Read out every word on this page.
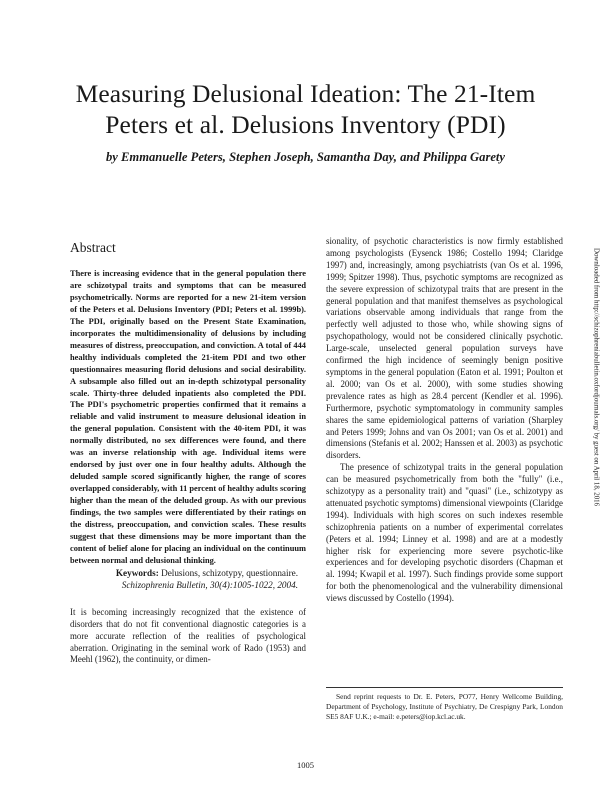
Measuring Delusional Ideation: The 21-Item
Peters et al. Delusions Inventory (PDI)
by Emmanuelle Peters, Stephen Joseph, Samantha Day, and Philippa Garety
Abstract

There is increasing evidence that in the general population there are schizotypal traits and symptoms that can be measured psychometrically. Norms are reported for a new 21-item version of the Peters et al. Delusions Inventory (PDI; Peters et al. 1999b). The PDI, originally based on the Present State Examination, incorporates the multidimensionality of delusions by including measures of distress, preoccupation, and conviction. A total of 444 healthy individuals completed the 21-item PDI and two other questionnaires measuring florid delusions and social desirability. A subsample also filled out an in-depth schizotypal personality scale. Thirty-three deluded inpatients also completed the PDI. The PDI's psychometric properties confirmed that it remains a reliable and valid instrument to measure delusional ideation in the general population. Consistent with the 40-item PDI, it was normally distributed, no sex differences were found, and there was an inverse relationship with age. Individual items were endorsed by just over one in four healthy adults. Although the deluded sample scored significantly higher, the range of scores overlapped considerably, with 11 percent of healthy adults scoring higher than the mean of the deluded group. As with our previous findings, the two samples were differentiated by their ratings on the distress, preoccupation, and conviction scales. These results suggest that these dimensions may be more important than the content of belief alone for placing an individual on the continuum between normal and delusional thinking.

Keywords: Delusions, schizotypy, questionnaire.

Schizophrenia Bulletin, 30(4):1005-1022, 2004.

It is becoming increasingly recognized that the existence of disorders that do not fit conventional diagnostic categories is a more accurate reflection of the realities of psychological aberration. Originating in the seminal work of Rado (1953) and Meehl (1962), the continuity, or dimen-

sionality, of psychotic characteristics is now firmly established among psychologists (Eysenck 1986; Costello 1994; Claridge 1997) and, increasingly, among psychiatrists (van Os et al. 1996, 1999; Spitzer 1998). Thus, psychotic symptoms are recognized as the severe expression of schizotypal traits that are present in the general population and that manifest themselves as psychological variations observable among individuals that range from the perfectly well adjusted to those who, while showing signs of psychopathology, would not be considered clinically psychotic. Large-scale, unselected general population surveys have confirmed the high incidence of seemingly benign positive symptoms in the general population (Eaton et al. 1991; Poulton et al. 2000; van Os et al. 2000), with some studies showing prevalence rates as high as 28.4 percent (Kendler et al. 1996). Furthermore, psychotic symptomatology in community samples shares the same epidemiological patterns of variation (Sharpley and Peters 1999; Johns and van Os 2001; van Os et al. 2001) and dimensions (Stefanis et al. 2002; Hanssen et al. 2003) as psychotic disorders.

The presence of schizotypal traits in the general population can be measured psychometrically from both the "fully" (i.e., schizotypy as a personality trait) and "quasi" (i.e., schizotypy as attenuated psychotic symptoms) dimensional viewpoints (Claridge 1994). Individuals with high scores on such indexes resemble schizophrenia patients on a number of experimental correlates (Peters et al. 1994; Linney et al. 1998) and are at a modestly higher risk for experiencing more severe psychotic-like experiences and for developing psychotic disorders (Chapman et al. 1994; Kwapil et al. 1997). Such findings provide some support for both the phenomenological and the vulnerability dimensional views discussed by Costello (1994).

Send reprint requests to Dr. E. Peters, PO77, Henry Wellcome Building, Department of Psychology, Institute of Psychiatry, De Crespigny Park, London SE5 8AF U.K.; e-mail: e.peters@iop.kcl.ac.uk.

1005
Downloaded from http://schizophreniabulletin.oxfordjournals.org/ by guest on April 18, 2016
